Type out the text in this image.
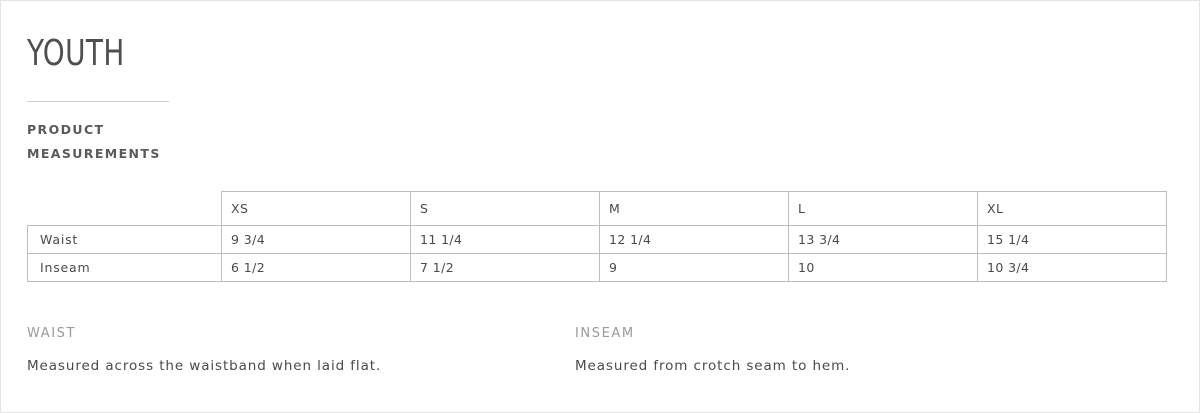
YOUTH
PRODUCT
MEASUREMENTS
	XS	S	M	L	XL
Waist	9 3/4	11 1/4	12 1/4	13 3/4	15 1/4
Inseam	6 1/2	7 1/2	9	10	10 3/4
WAIST
Measured across the waistband when laid flat.
INSEAM
Measured from crotch seam to hem.
